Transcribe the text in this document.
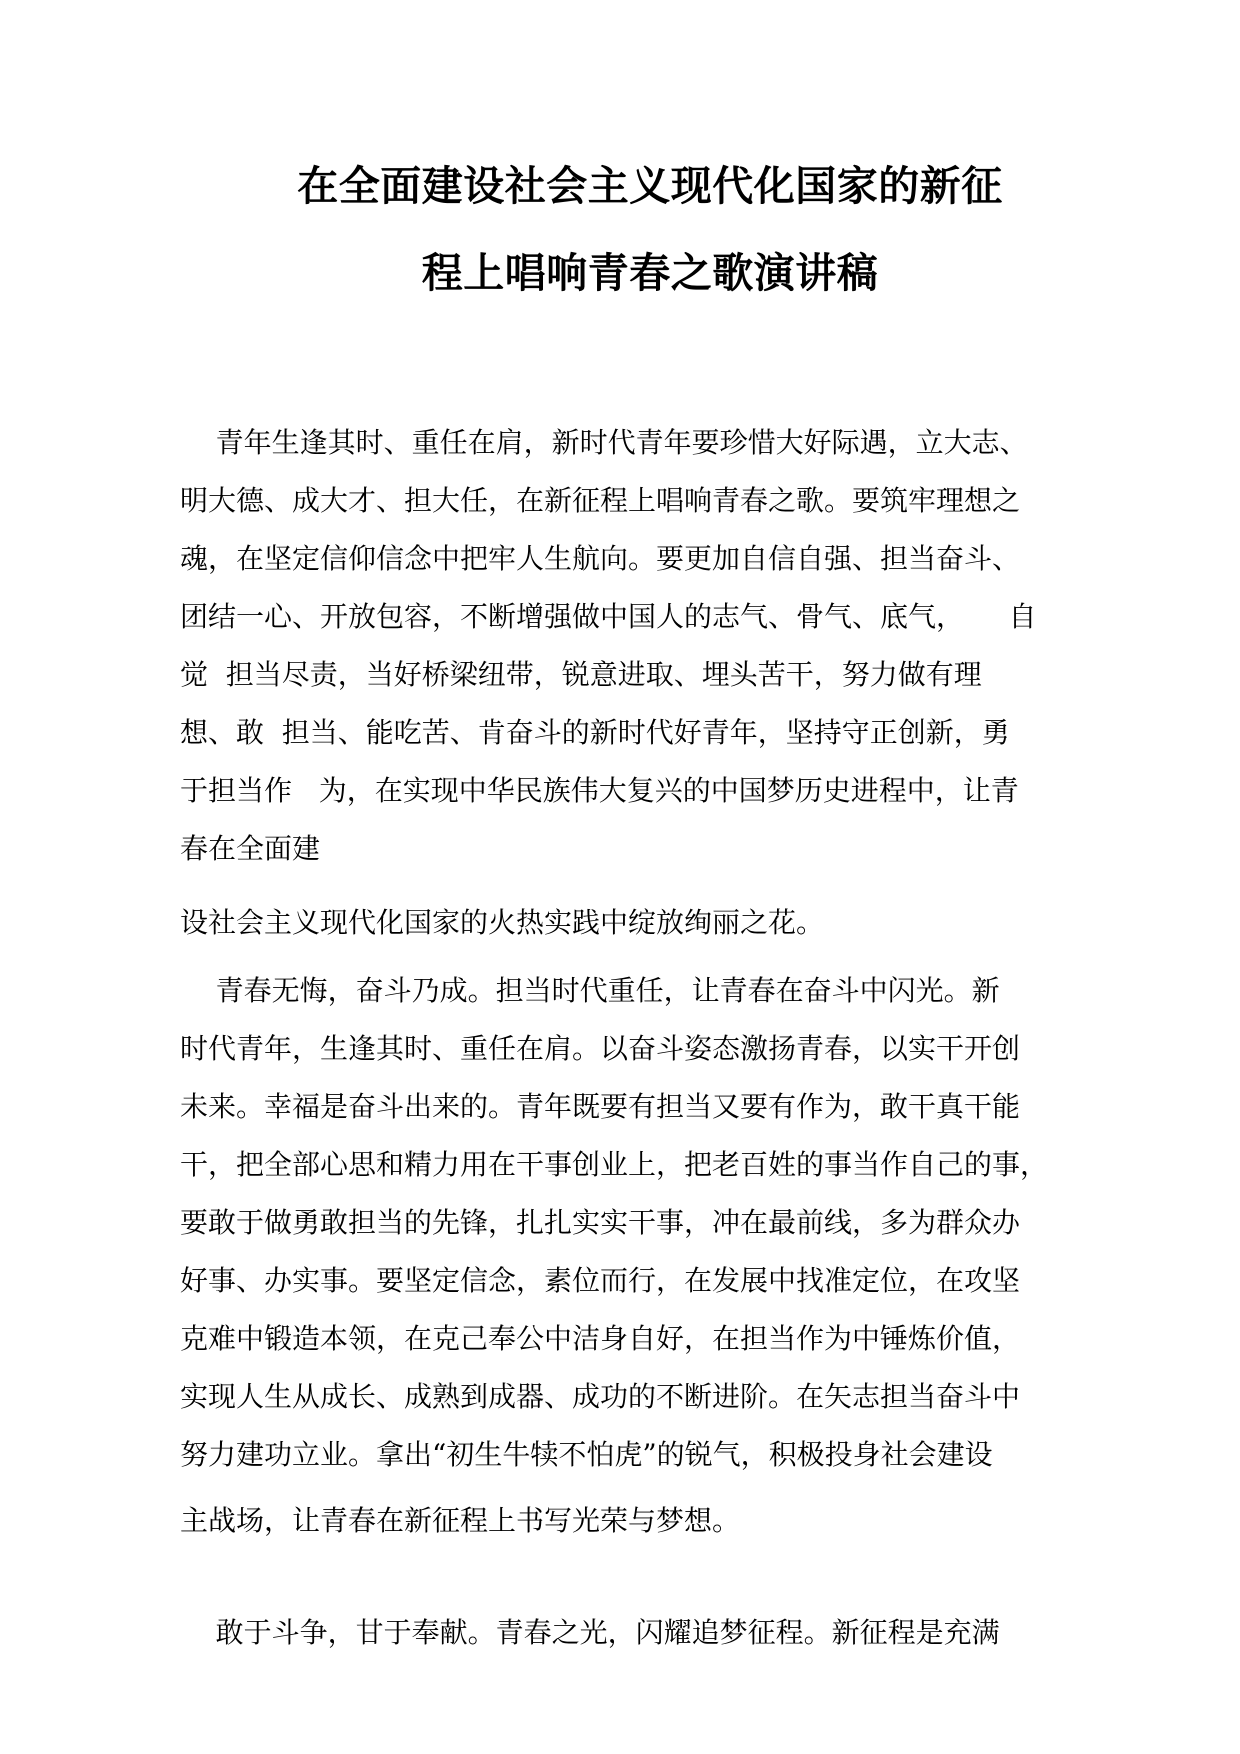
在全面建设社会主义现代化国家的新征
程上唱响青春之歌演讲稿

青年生逢其时、重任在肩，新时代青年要珍惜大好际遇，立大志、

明大德、成大才、担大任，在新征程上唱响青春之歌。要筑牢理想之

魂，在坚定信仰信念中把牢人生航向。要更加自信自强、担当奋斗、

团结一心、开放包容，不断增强做中国人的志气、骨气、底气，     自

觉  担当尽责，当好桥梁纽带，锐意进取、埋头苦干，努力做有理

想、敢  担当、能吃苦、肯奋斗的新时代好青年，坚持守正创新，勇

于担当作   为，在实现中华民族伟大复兴的中国梦历史进程中，让青

春在全面建

设社会主义现代化国家的火热实践中绽放绚丽之花。

青春无悔，奋斗乃成。担当时代重任，让青春在奋斗中闪光。新

时代青年，生逢其时、重任在肩。以奋斗姿态激扬青春，以实干开创

未来。幸福是奋斗出来的。青年既要有担当又要有作为，敢干真干能

干，把全部心思和精力用在干事创业上，把老百姓的事当作自己的事，

要敢于做勇敢担当的先锋，扎扎实实干事，冲在最前线，多为群众办

好事、办实事。要坚定信念，素位而行，在发展中找准定位，在攻坚

克难中锻造本领，在克己奉公中洁身自好，在担当作为中锤炼价值，

实现人生从成长、成熟到成器、成功的不断进阶。在矢志担当奋斗中

努力建功立业。拿出“初生牛犊不怕虎”的锐气，积极投身社会建设

主战场，让青春在新征程上书写光荣与梦想。

敢于斗争，甘于奉献。青春之光，闪耀追梦征程。新征程是充满
